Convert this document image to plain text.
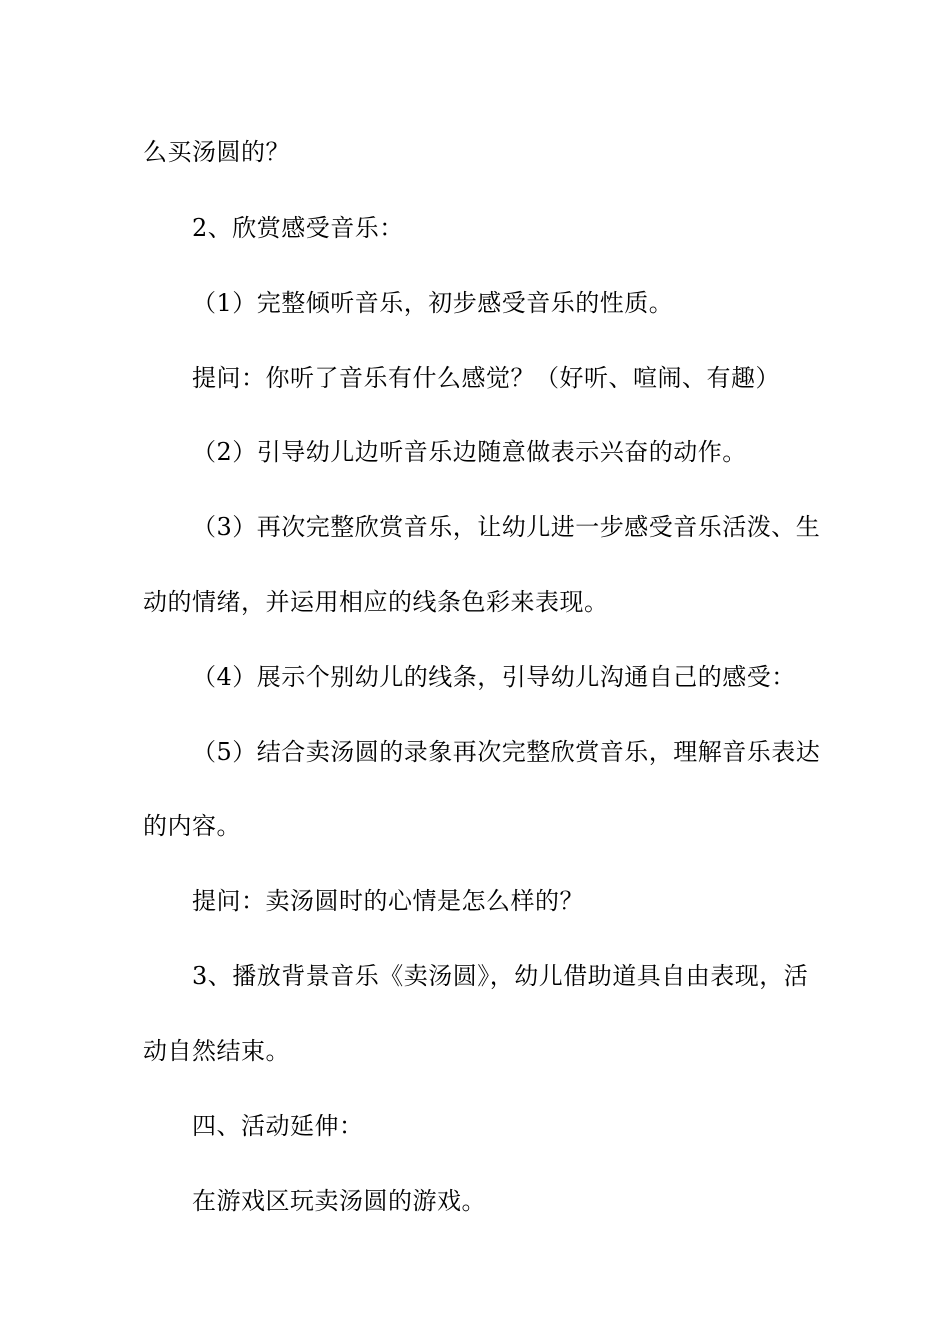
么买汤圆的？
2、欣赏感受音乐：
（1）完整倾听音乐，初步感受音乐的性质。
提问：你听了音乐有什么感觉？（好听、喧闹、有趣）
（2）引导幼儿边听音乐边随意做表示兴奋的动作。
（3）再次完整欣赏音乐，让幼儿进一步感受音乐活泼、生
动的情绪，并运用相应的线条色彩来表现。
（4）展示个别幼儿的线条，引导幼儿沟通自己的感受：
（5）结合卖汤圆的录象再次完整欣赏音乐，理解音乐表达
的内容。
提问：卖汤圆时的心情是怎么样的？
3、播放背景音乐《卖汤圆》，幼儿借助道具自由表现，活
动自然结束。
四、活动延伸：
在游戏区玩卖汤圆的游戏。
